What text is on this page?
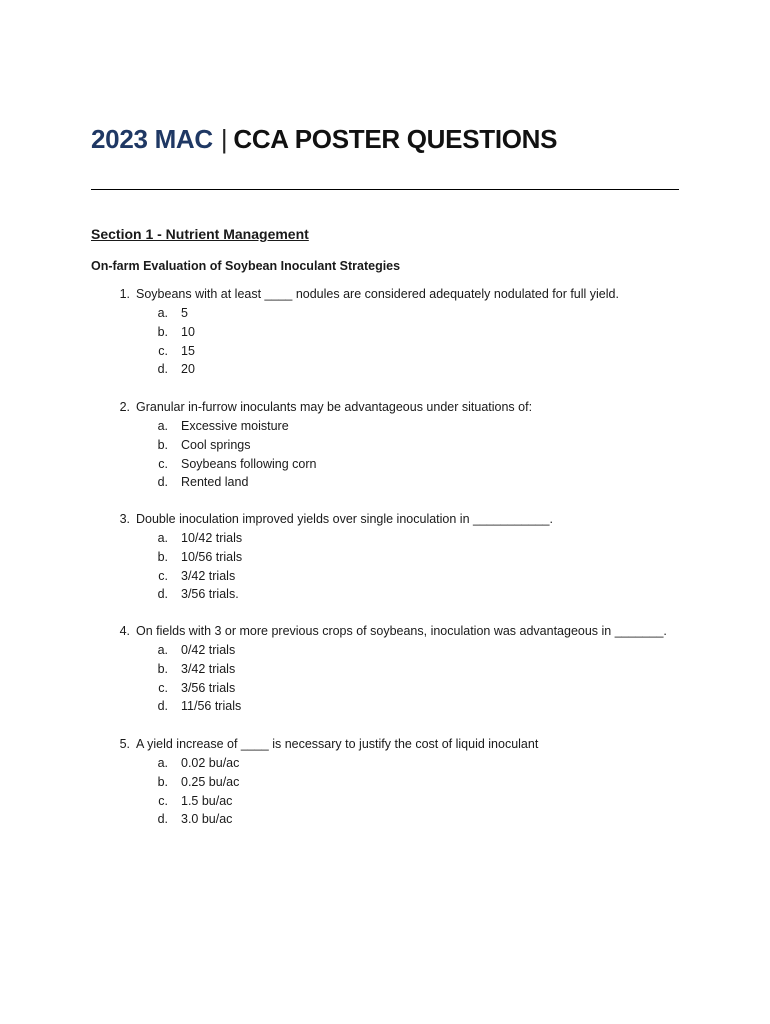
2023 MAC | CCA POSTER QUESTIONS
Section 1 - Nutrient Management
On-farm Evaluation of Soybean Inoculant Strategies
1. Soybeans with at least ____ nodules are considered adequately nodulated for full yield.
a. 5
b. 10
c. 15
d. 20
2. Granular in-furrow inoculants may be advantageous under situations of:
a. Excessive moisture
b. Cool springs
c. Soybeans following corn
d. Rented land
3. Double inoculation improved yields over single inoculation in ___________.
a. 10/42 trials
b. 10/56 trials
c. 3/42 trials
d. 3/56 trials.
4. On fields with 3 or more previous crops of soybeans, inoculation was advantageous in _______.
a. 0/42 trials
b. 3/42 trials
c. 3/56 trials
d. 11/56 trials
5. A yield increase of ____ is necessary to justify the cost of liquid inoculant
a. 0.02 bu/ac
b. 0.25 bu/ac
c. 1.5 bu/ac
d. 3.0 bu/ac
